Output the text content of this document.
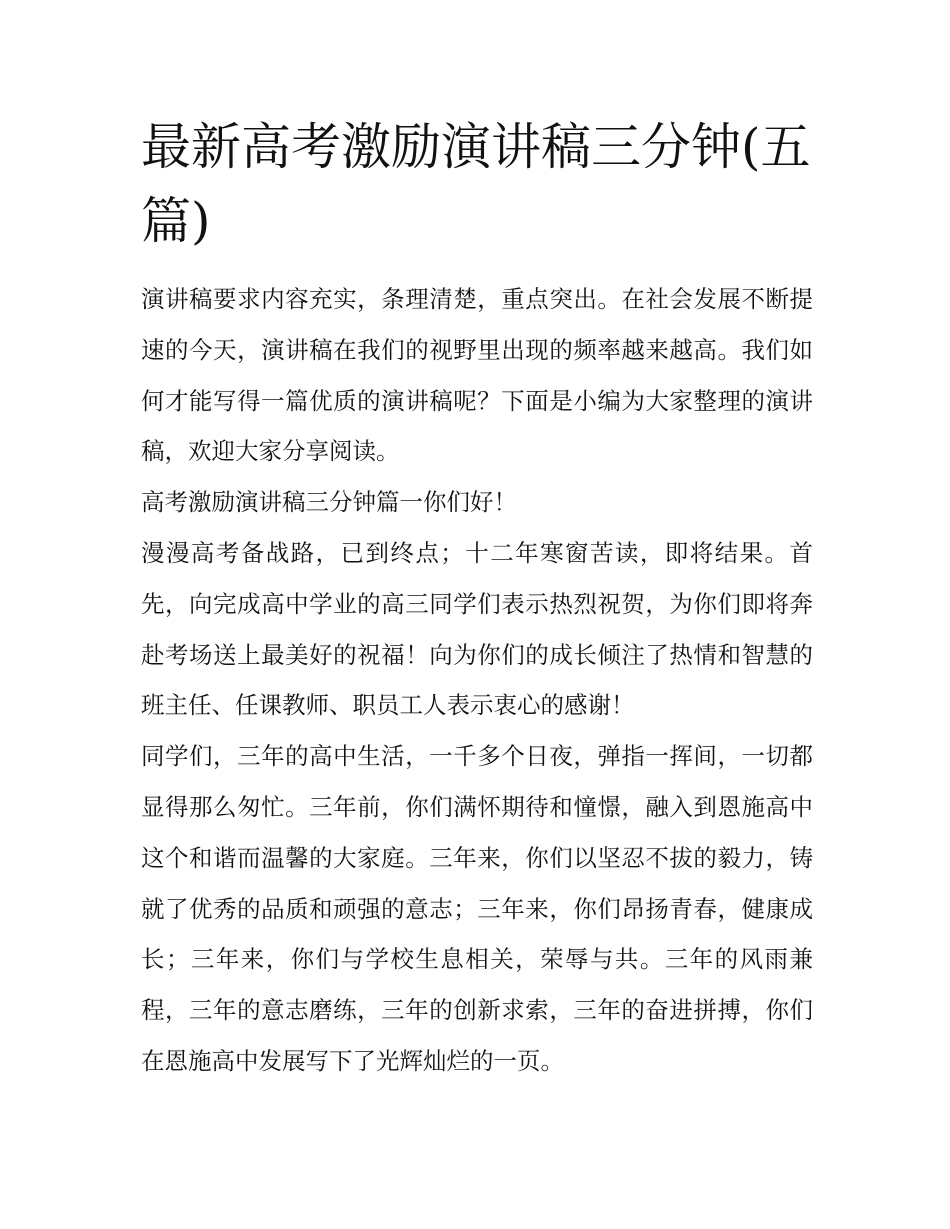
最新高考激励演讲稿三分钟(五篇)

演讲稿要求内容充实，条理清楚，重点突出。在社会发展不断提速的今天，演讲稿在我们的视野里出现的频率越来越高。我们如何才能写得一篇优质的演讲稿呢？下面是小编为大家整理的演讲稿，欢迎大家分享阅读。

高考激励演讲稿三分钟篇一你们好！

漫漫高考备战路，已到终点；十二年寒窗苦读，即将结果。首先，向完成高中学业的高三同学们表示热烈祝贺，为你们即将奔赴考场送上最美好的祝福！向为你们的成长倾注了热情和智慧的班主任、任课教师、职员工人表示衷心的感谢！

同学们，三年的高中生活，一千多个日夜，弹指一挥间，一切都显得那么匆忙。三年前，你们满怀期待和憧憬，融入到恩施高中这个和谐而温馨的大家庭。三年来，你们以坚忍不拔的毅力，铸就了优秀的品质和顽强的意志；三年来，你们昂扬青春，健康成长；三年来，你们与学校生息相关，荣辱与共。三年的风雨兼程，三年的意志磨练，三年的创新求索，三年的奋进拼搏，你们在恩施高中发展写下了光辉灿烂的一页。
